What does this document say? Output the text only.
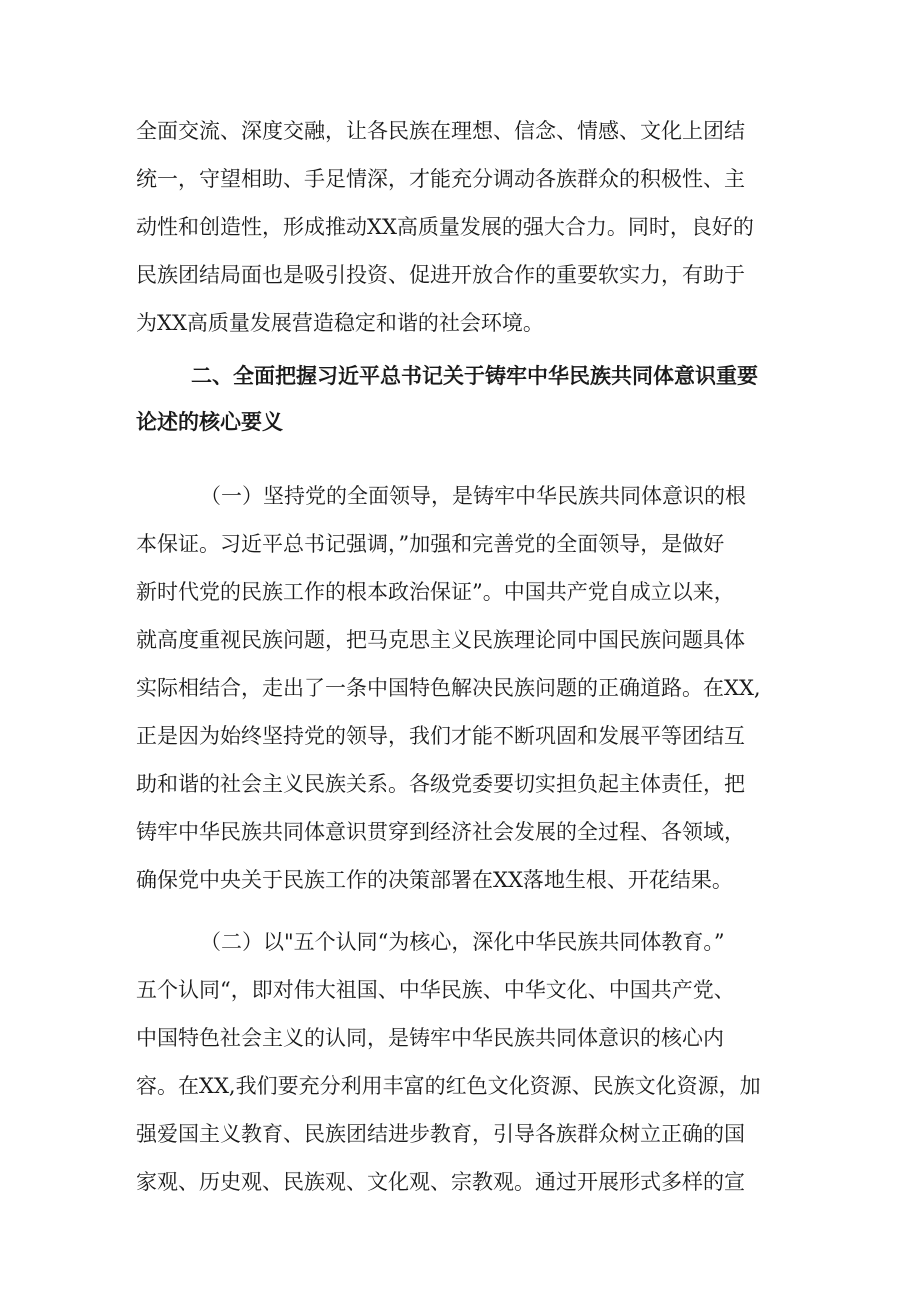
全面交流、深度交融，让各民族在理想、信念、情感、文化上团结
统一，守望相助、手足情深，才能充分调动各族群众的积极性、主
动性和创造性，形成推动XX高质量发展的强大合力。同时，良好的
民族团结局面也是吸引投资、促进开放合作的重要软实力，有助于
为XX高质量发展营造稳定和谐的社会环境。
二、全面把握习近平总书记关于铸牢中华民族共同体意识重要
论述的核心要义
（一）坚持党的全面领导，是铸牢中华民族共同体意识的根
本保证。习近平总书记强调，”加强和完善党的全面领导，是做好
新时代党的民族工作的根本政治保证”。中国共产党自成立以来，
就高度重视民族问题，把马克思主义民族理论同中国民族问题具体
实际相结合，走出了一条中国特色解决民族问题的正确道路。在XX,
正是因为始终坚持党的领导，我们才能不断巩固和发展平等团结互
助和谐的社会主义民族关系。各级党委要切实担负起主体责任，把
铸牢中华民族共同体意识贯穿到经济社会发展的全过程、各领域，
确保党中央关于民族工作的决策部署在XX落地生根、开花结果。
（二）以"五个认同“为核心，深化中华民族共同体教育。”
五个认同“，即对伟大祖国、中华民族、中华文化、中国共产党、
中国特色社会主义的认同，是铸牢中华民族共同体意识的核心内
容。在XX,我们要充分利用丰富的红色文化资源、民族文化资源，加
强爱国主义教育、民族团结进步教育，引导各族群众树立正确的国
家观、历史观、民族观、文化观、宗教观。通过开展形式多样的宣
